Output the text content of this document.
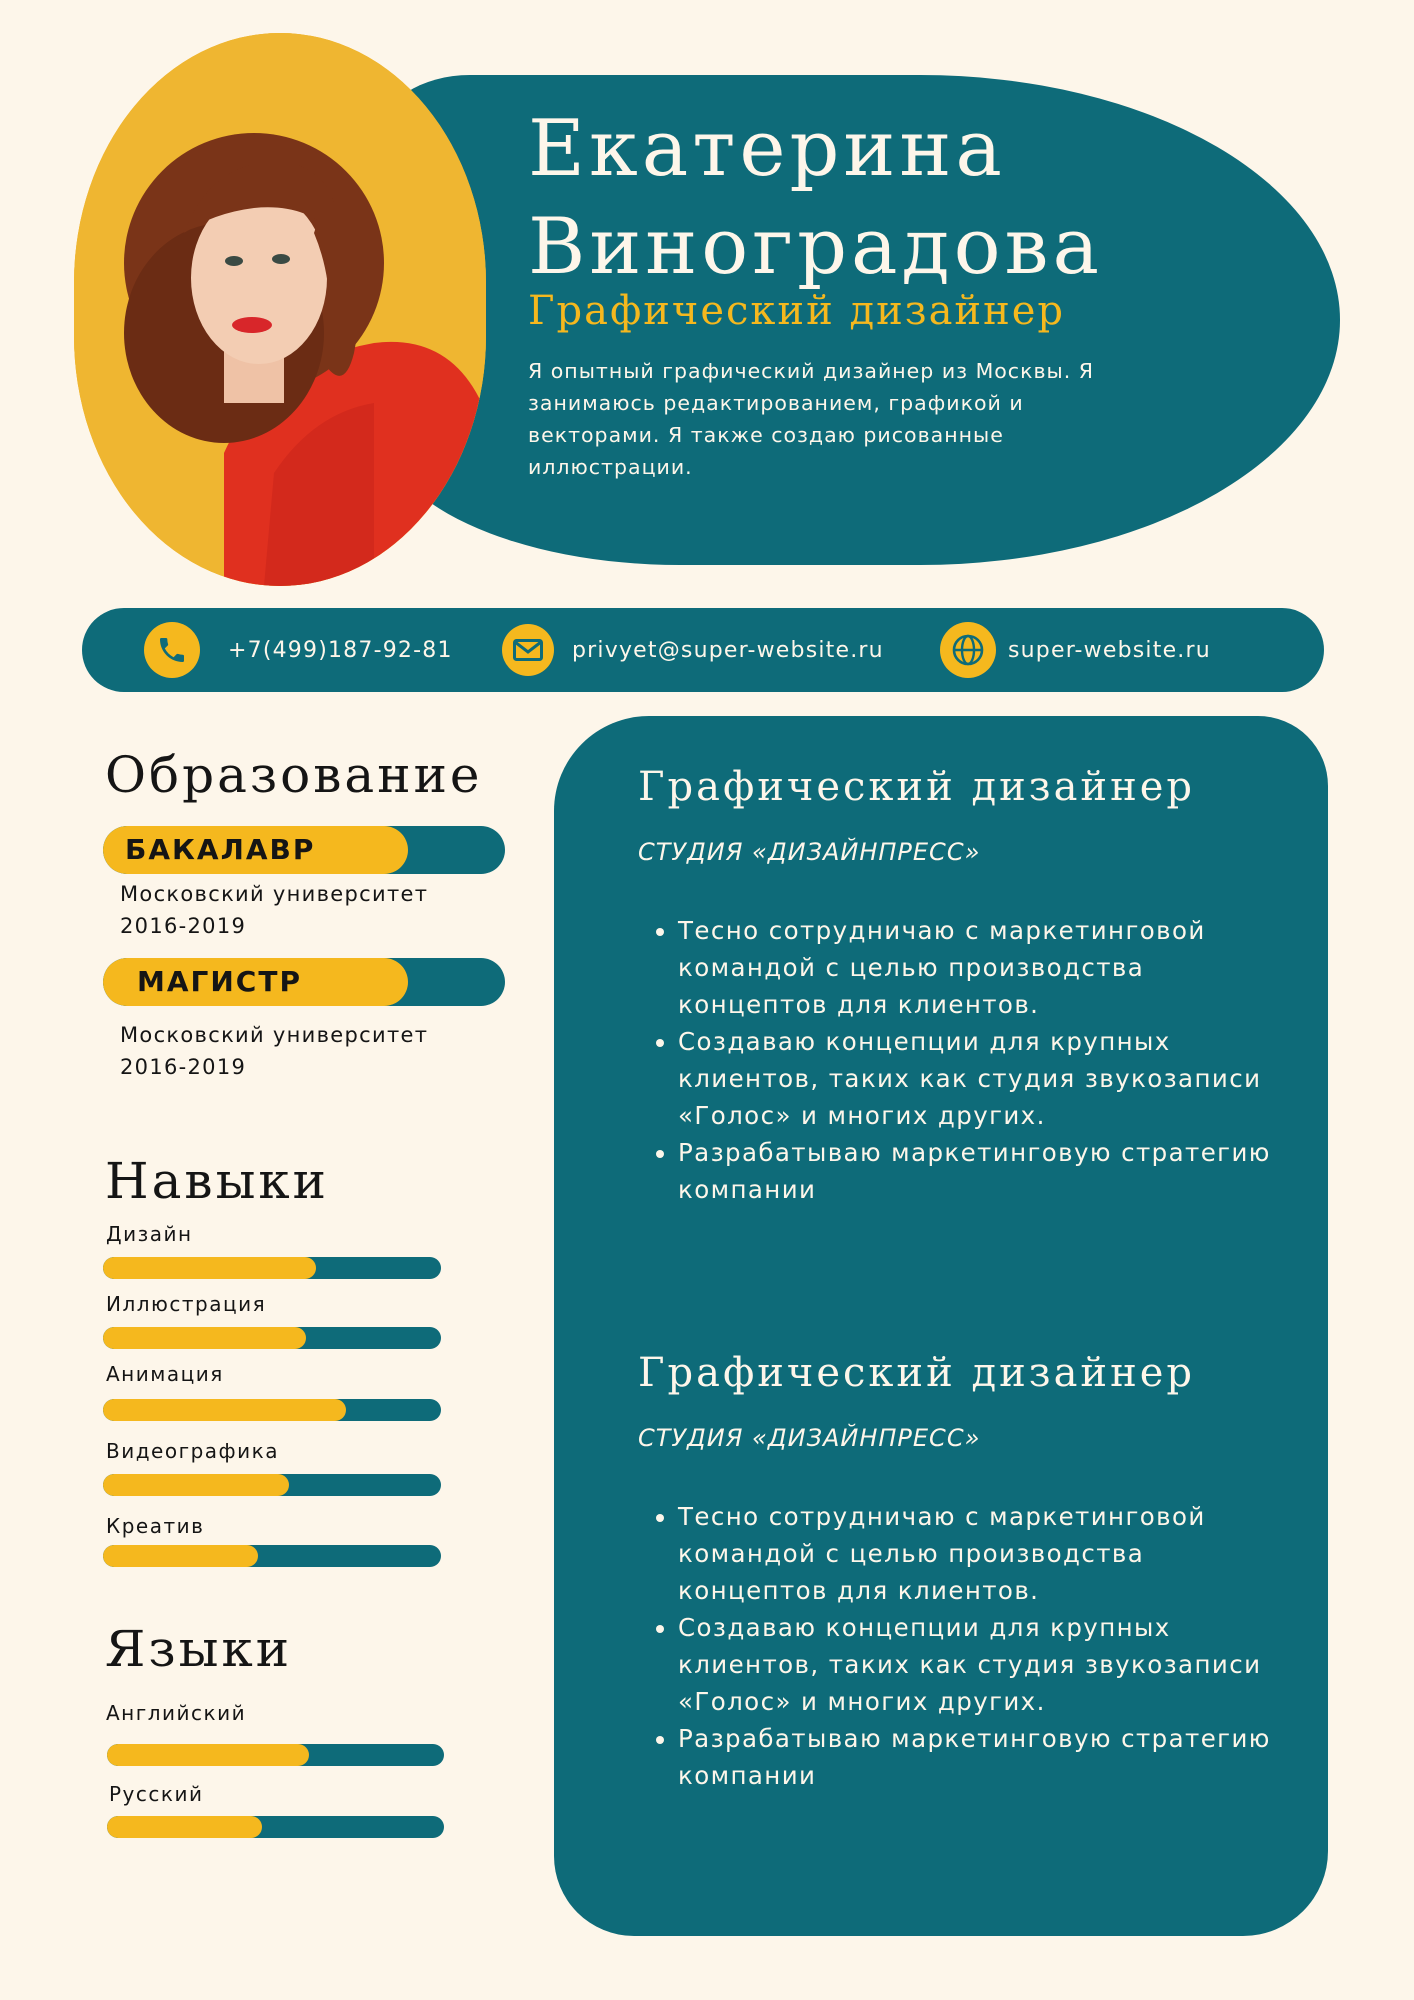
Екатерина
Виноградова
Графический дизайнер

Я опытный графический дизайнер из Москвы. Я занимаюсь редактированием, графикой и векторами. Я также создаю рисованные иллюстрации.

+7(499)187-92-81	privyet@super-website.ru	super-website.ru
Образование
БАКАЛАВР

Московский университет
2016-2019

МАГИСТР

Московский университет
2016-2019

Навыки
Дизайн
Иллюстрация
Анимация
Видеографика
Креатив
Языки
Английский
Русский
Графический дизайнер

СТУДИЯ «ДИЗАЙНПРЕСС»

• Тесно сотрудничаю с маркетинговой командой с целью производства концептов для клиентов.
• Создаваю концепции для крупных клиентов, таких как студия звукозаписи «Голос» и многих других.
• Разрабатываю маркетинговую стратегию компании
Графический дизайнер

СТУДИЯ «ДИЗАЙНПРЕСС»

• Тесно сотрудничаю с маркетинговой командой с целью производства концептов для клиентов.
• Создаваю концепции для крупных клиентов, таких как студия звукозаписи «Голос» и многих других.
• Разрабатываю маркетинговую стратегию компании
